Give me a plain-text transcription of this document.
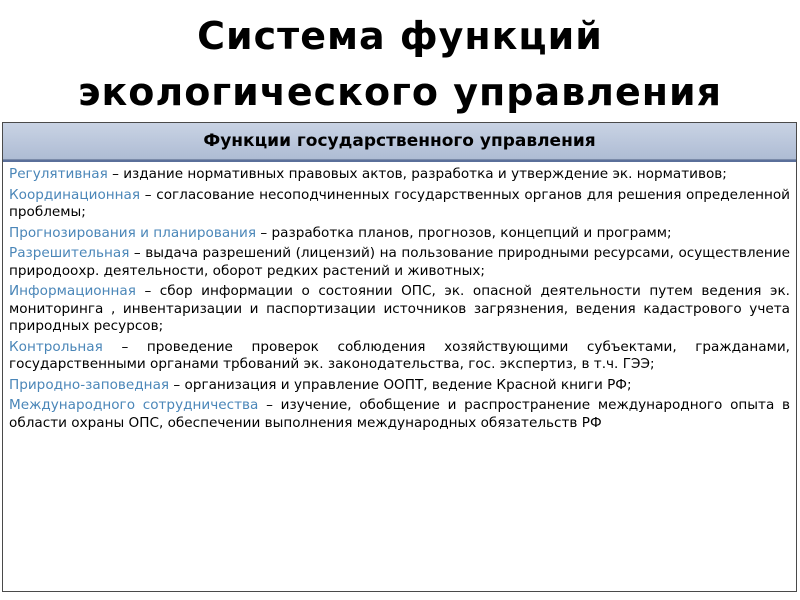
Система функций
экологического управления
Функции государственного управления
Регулятивная – издание нормативных правовых актов, разработка и утверждение эк. нормативов;
Координационная – согласование несоподчиненных государственных органов для решения определенной проблемы;
Прогнозирования и планирования – разработка планов, прогнозов, концепций и программ;
Разрешительная – выдача разрешений (лицензий) на пользование природными ресурсами, осуществление природоохр. деятельности, оборот редких растений и животных;
Информационная – сбор информации о состоянии ОПС, эк. опасной деятельности путем ведения эк. мониторинга , инвентаризации и паспортизации источников загрязнения, ведения кадастрового учета природных ресурсов;
Контрольная – проведение проверок соблюдения хозяйствующими субъектами, гражданами, государственными органами трбований эк. законодательства, гос. экспертиз, в т.ч. ГЭЭ;
Природно-заповедная – организация и управление ООПТ, ведение Красной книги РФ;
Международного сотрудничества – изучение, обобщение и распространение международного опыта в области охраны ОПС, обеспечении выполнения международных обязательств РФ
